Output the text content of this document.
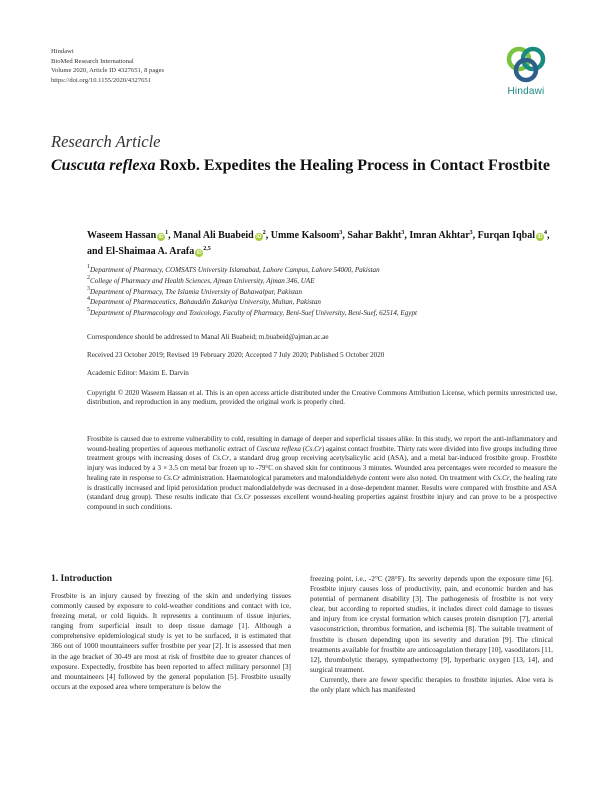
Hindawi
BioMed Research International
Volume 2020, Article ID 4327651, 8 pages
https://doi.org/10.1155/2020/4327651
Hindawi
Research Article
Cuscuta reflexa Roxb. Expedites the Healing Process in Contact Frostbite
Waseem Hassan $iD^1$, Manal Ali Buabeid $iD^2$, Umme Kalsoom$^3$, Sahar Bakht$^3$, Imran Akhtar$^3$, Furqan Iqbal $iD^4$, and El-Shaimaa A. Arafa iD$^{2,5}$
$^1$Department of Pharmacy, COMSATS University Islamabad, Lahore Campus, Lahore 54000, Pakistan
$^2$College of Pharmacy and Health Sciences, Ajman University, Ajman 346, UAE
$^3$Department of Pharmacy, The Islamia University of Bahawalpur, Pakistan
$^4$Department of Pharmaceutics, Bahauddin Zakariya University, Multan, Pakistan
$^5$Department of Pharmacology and Toxicology, Faculty of Pharmacy, Beni-Suef University, Beni-Suef, 62514, Egypt
Correspondence should be addressed to Manal Ali Buabeid; m.buabeid@ajman.ac.ae
Received 23 October 2019; Revised 19 February 2020; Accepted 7 July 2020; Published 5 October 2020
Academic Editor: Maxim E. Darvin
Copyright © 2020 Waseem Hassan et al. This is an open access article distributed under the Creative Commons Attribution License, which permits unrestricted use, distribution, and reproduction in any medium, provided the original work is properly cited.
Frostbite is caused due to extreme vulnerability to cold, resulting in damage of deeper and superficial tissues alike. In this study, we report the anti-inflammatory and wound-healing properties of aqueous methanolic extract of Cuscuta reflexa (Cs.Cr) against contact frostbite. Thirty rats were divided into five groups including three treatment groups with increasing doses of Cs.Cr, a standard drug group receiving acetylsalicylic acid (ASA), and a metal bar-induced frostbite group. Frostbite injury was induced by a 3 × 3.5 cm metal bar frozen up to -79°C on shaved skin for continuous 3 minutes. Wounded area percentages were recorded to measure the healing rate in response to Cs.Cr administration. Haematological parameters and malondialdehyde content were also noted. On treatment with Cs.Cr, the healing rate is drastically increased and lipid peroxidation product malondialdehyde was decreased in a dose-dependent manner. Results were compared with frostbite and ASA (standard drug group). These results indicate that Cs.Cr possesses excellent wound-healing properties against frostbite injury and can prove to be a prospective compound in such conditions.
1. Introduction

Frostbite is an injury caused by freezing of the skin and underlying tissues commonly caused by exposure to cold-weather conditions and contact with ice, freezing metal, or cold liquids. It represents a continuum of tissue injuries, ranging from superficial insult to deep tissue damage [1]. Although a comprehensive epidemiological study is yet to be surfaced, it is estimated that 366 out of 1000 mountaineers suffer frostbite per year [2]. It is assessed that men in the age bracket of 30-49 are most at risk of frostbite due to greater chances of exposure. Expectedly, frostbite has been reported to affect military personnel [3] and mountaineers [4] followed by the general population [5]. Frostbite usually occurs at the exposed area where temperature is below the

freezing point, i.e., -2°C (28°F). Its severity depends upon the exposure time [6]. Frostbite injury causes loss of productivity, pain, and economic burden and has potential of permanent disability [3]. The pathogenesis of frostbite is not very clear, but according to reported studies, it includes direct cold damage to tissues and injury from ice crystal formation which causes protein disruption [7], arterial vasoconstriction, thrombus formation, and ischemia [8]. The suitable treatment of frostbite is chosen depending upon its severity and duration [9]. The clinical treatments available for frostbite are anticoagulation therapy [10], vasodilators [11, 12], thrombolytic therapy, sympathectomy [9], hyperbaric oxygen [13, 14], and surgical treatment.

Currently, there are fewer specific therapies to frostbite injuries. Aloe vera is the only plant which has manifested
